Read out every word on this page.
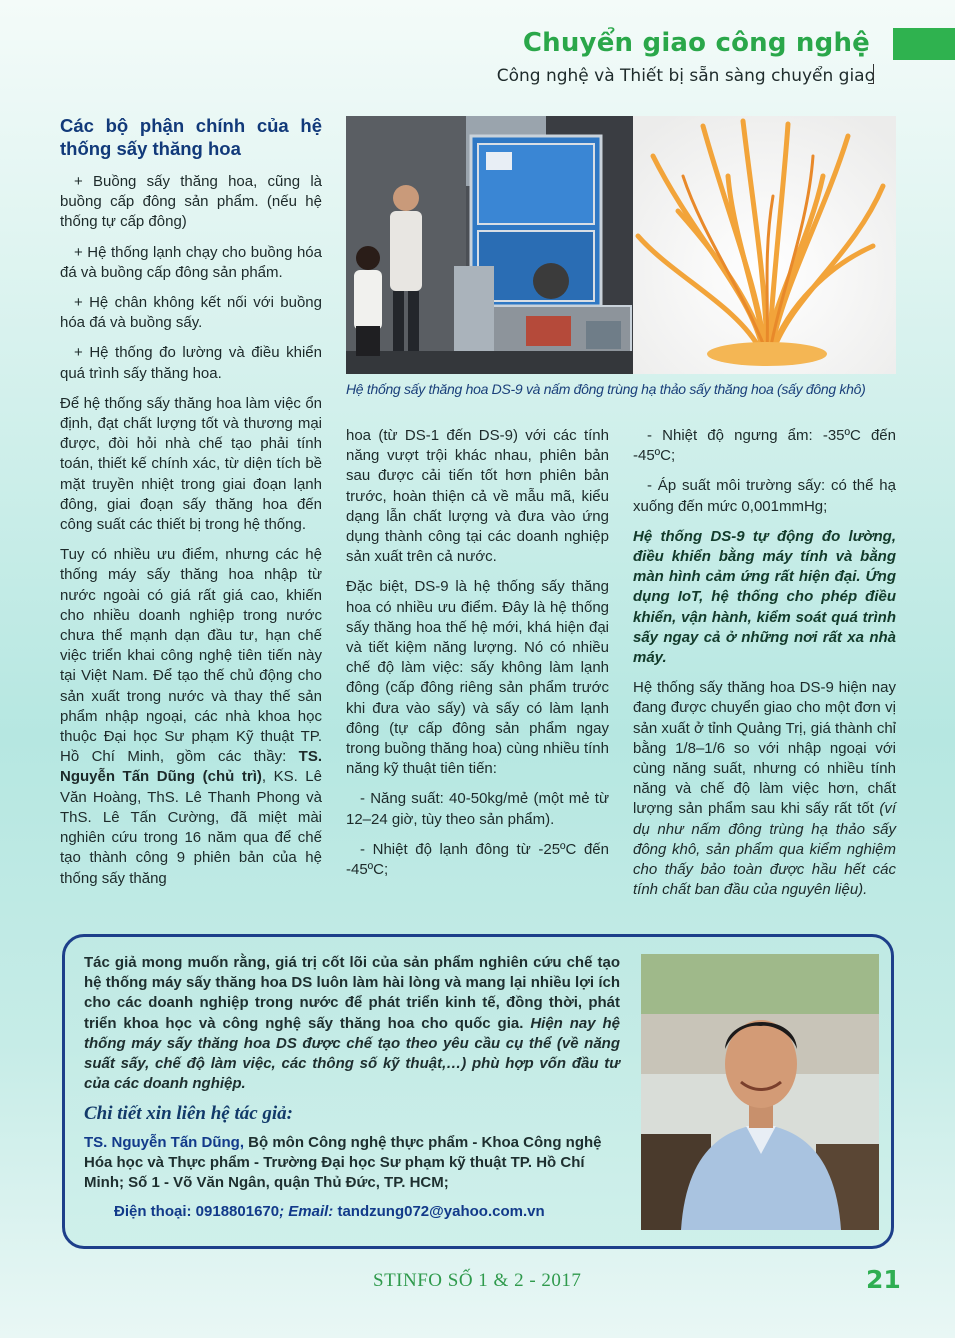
Chuyển giao công nghệ
Công nghệ và Thiết bị sẵn sàng chuyển giao
Các bộ phận chính của hệ thống sấy thăng hoa

+ Buồng sấy thăng hoa, cũng là buồng cấp đông sản phẩm. (nếu hệ thống tự cấp đông)

+ Hệ thống lạnh chạy cho buồng hóa đá và buồng cấp đông sản phẩm.

+ Hệ chân không kết nối với buồng hóa đá và buồng sấy.

+ Hệ thống đo lường và điều khiển quá trình sấy thăng hoa.

Để hệ thống sấy thăng hoa làm việc ổn định, đạt chất lượng tốt và thương mại được, đòi hỏi nhà chế tạo phải tính toán, thiết kế chính xác, từ diện tích bề mặt truyền nhiệt trong giai đoạn lạnh đông, giai đoạn sấy thăng hoa đến công suất các thiết bị trong hệ thống.

Tuy có nhiều ưu điểm, nhưng các hệ thống máy sấy thăng hoa nhập từ nước ngoài có giá rất giá cao, khiến cho nhiều doanh nghiệp trong nước chưa thể mạnh dạn đầu tư, hạn chế việc triển khai công nghệ tiên tiến này tại Việt Nam. Để tạo thế chủ động cho sản xuất trong nước và thay thế sản phẩm nhập ngoại, các nhà khoa học thuộc Đại học Sư phạm Kỹ thuật TP. Hồ Chí Minh, gồm các thầy: TS. Nguyễn Tấn Dũng (chủ trì), KS. Lê Văn Hoàng, ThS. Lê Thanh Phong và ThS. Lê Tấn Cường, đã miệt mài nghiên cứu trong 16 năm qua để chế tạo thành công 9 phiên bản của hệ thống sấy thăng

Hệ thống sấy thăng hoa DS-9 và nấm đông trùng hạ thảo sấy thăng hoa (sấy đông khô)

hoa (từ DS-1 đến DS-9) với các tính năng vượt trội khác nhau, phiên bản sau được cải tiến tốt hơn phiên bản trước, hoàn thiện cả về mẫu mã, kiểu dạng lẫn chất lượng và đưa vào ứng dụng thành công tại các doanh nghiệp sản xuất trên cả nước.

Đặc biệt, DS-9 là hệ thống sấy thăng hoa có nhiều ưu điểm. Đây là hệ thống sấy thăng hoa thế hệ mới, khá hiện đại và tiết kiệm năng lượng. Nó có nhiều chế độ làm việc: sấy không làm lạnh đông (cấp đông riêng sản phẩm trước khi đưa vào sấy) và sấy có làm lạnh đông (tự cấp đông sản phẩm ngay trong buồng thăng hoa) cùng nhiều tính năng kỹ thuật tiên tiến:

- Năng suất: 40-50kg/mẻ (một mẻ từ 12–24 giờ, tùy theo sản phẩm).

- Nhiệt độ lạnh đông từ -25ºC đến -45ºC;

- Nhiệt độ ngưng ẩm: -35ºC đến -45ºC;

- Áp suất môi trường sấy: có thể hạ xuống đến mức 0,001mmHg;

Hệ thống DS-9 tự động đo lường, điều khiển bằng máy tính và bằng màn hình cảm ứng rất hiện đại. Ứng dụng IoT, hệ thống cho phép điều khiển, vận hành, kiểm soát quá trình sấy ngay cả ở những nơi rất xa nhà máy.

Hệ thống sấy thăng hoa DS-9 hiện nay đang được chuyển giao cho một đơn vị sản xuất ở tỉnh Quảng Trị, giá thành chỉ bằng 1/8–1/6 so với nhập ngoại với cùng năng suất, nhưng có nhiều tính năng và chế độ làm việc hơn, chất lượng sản phẩm sau khi sấy rất tốt (ví dụ như nấm đông trùng hạ thảo sấy đông khô, sản phẩm qua kiểm nghiệm cho thấy bảo toàn được hầu hết các tính chất ban đầu của nguyên liệu).

Tác giả mong muốn rằng, giá trị cốt lõi của sản phẩm nghiên cứu chế tạo hệ thống máy sấy thăng hoa DS luôn làm hài lòng và mang lại nhiều lợi ích cho các doanh nghiệp trong nước để phát triển kinh tế, đồng thời, phát triển khoa học và công nghệ sấy thăng hoa cho quốc gia. Hiện nay hệ thống máy sấy thăng hoa DS được chế tạo theo yêu cầu cụ thể (về năng suất sấy, chế độ làm việc, các thông số kỹ thuật,…) phù hợp vốn đầu tư của các doanh nghiệp.
Chi tiết xin liên hệ tác giả:
TS. Nguyễn Tấn Dũng, Bộ môn Công nghệ thực phẩm - Khoa Công nghệ Hóa học và Thực phẩm - Trường Đại học Sư phạm kỹ thuật TP. Hồ Chí Minh; Số 1 - Võ Văn Ngân, quận Thủ Đức, TP. HCM;
Điện thoại: 0918801670; Email: tandzung072@yahoo.com.vn
STINFO SỐ 1 & 2 - 2017	21
